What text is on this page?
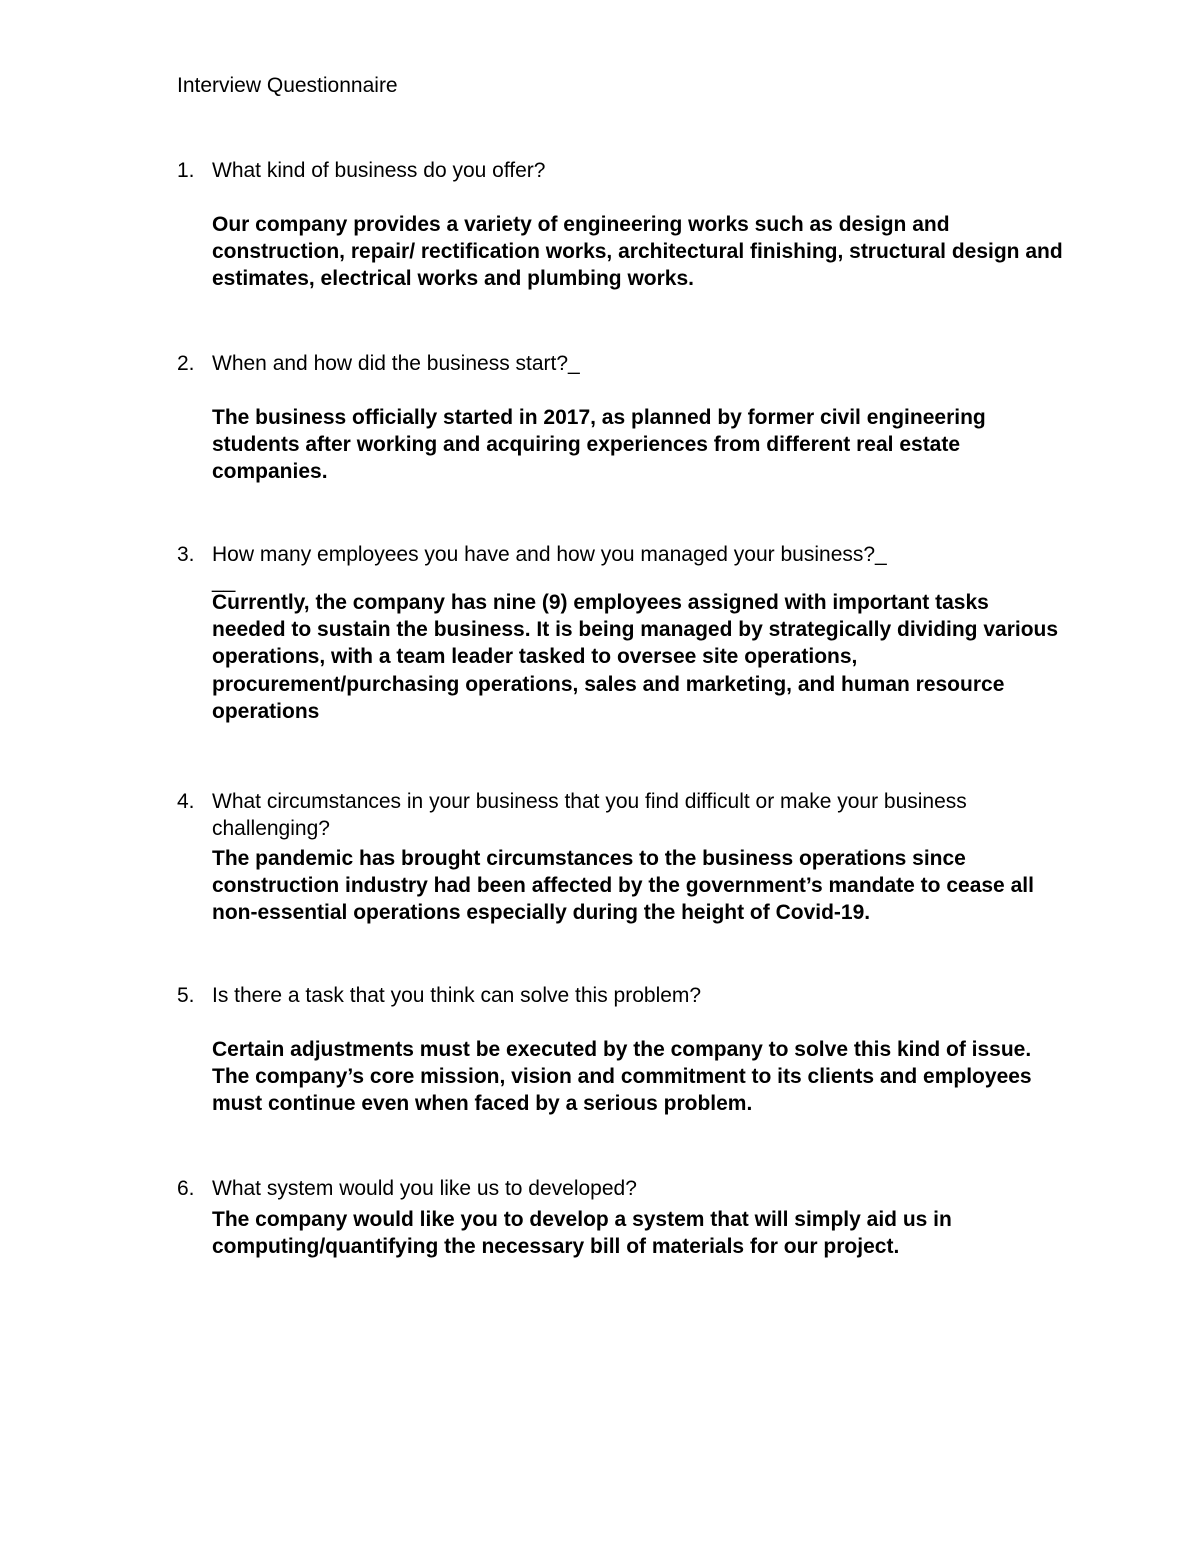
Interview Questionnaire
1. What kind of business do you offer?
Our company provides a variety of engineering works such as design and construction, repair/ rectification works, architectural finishing, structural design and estimates, electrical works and plumbing works.
2. When and how did the business start?_
The business officially started in 2017, as planned by former civil engineering students after working and acquiring experiences from different real estate companies.
3. How many employees you have and how you managed your business?_
__
Currently, the company has nine (9) employees assigned with important tasks needed to sustain the business. It is being managed by strategically dividing various operations, with a team leader tasked to oversee site operations, procurement/purchasing operations, sales and marketing, and human resource operations
4. What circumstances in your business that you find difficult or make your business challenging?
The pandemic has brought circumstances to the business operations since construction industry had been affected by the government’s mandate to cease all non-essential operations especially during the height of Covid-19.
5. Is there a task that you think can solve this problem?
Certain adjustments must be executed by the company to solve this kind of issue. The company’s core mission, vision and commitment to its clients and employees must continue even when faced by a serious problem.
6. What system would you like us to developed?
The company would like you to develop a system that will simply aid us in computing/quantifying the necessary bill of materials for our project.
